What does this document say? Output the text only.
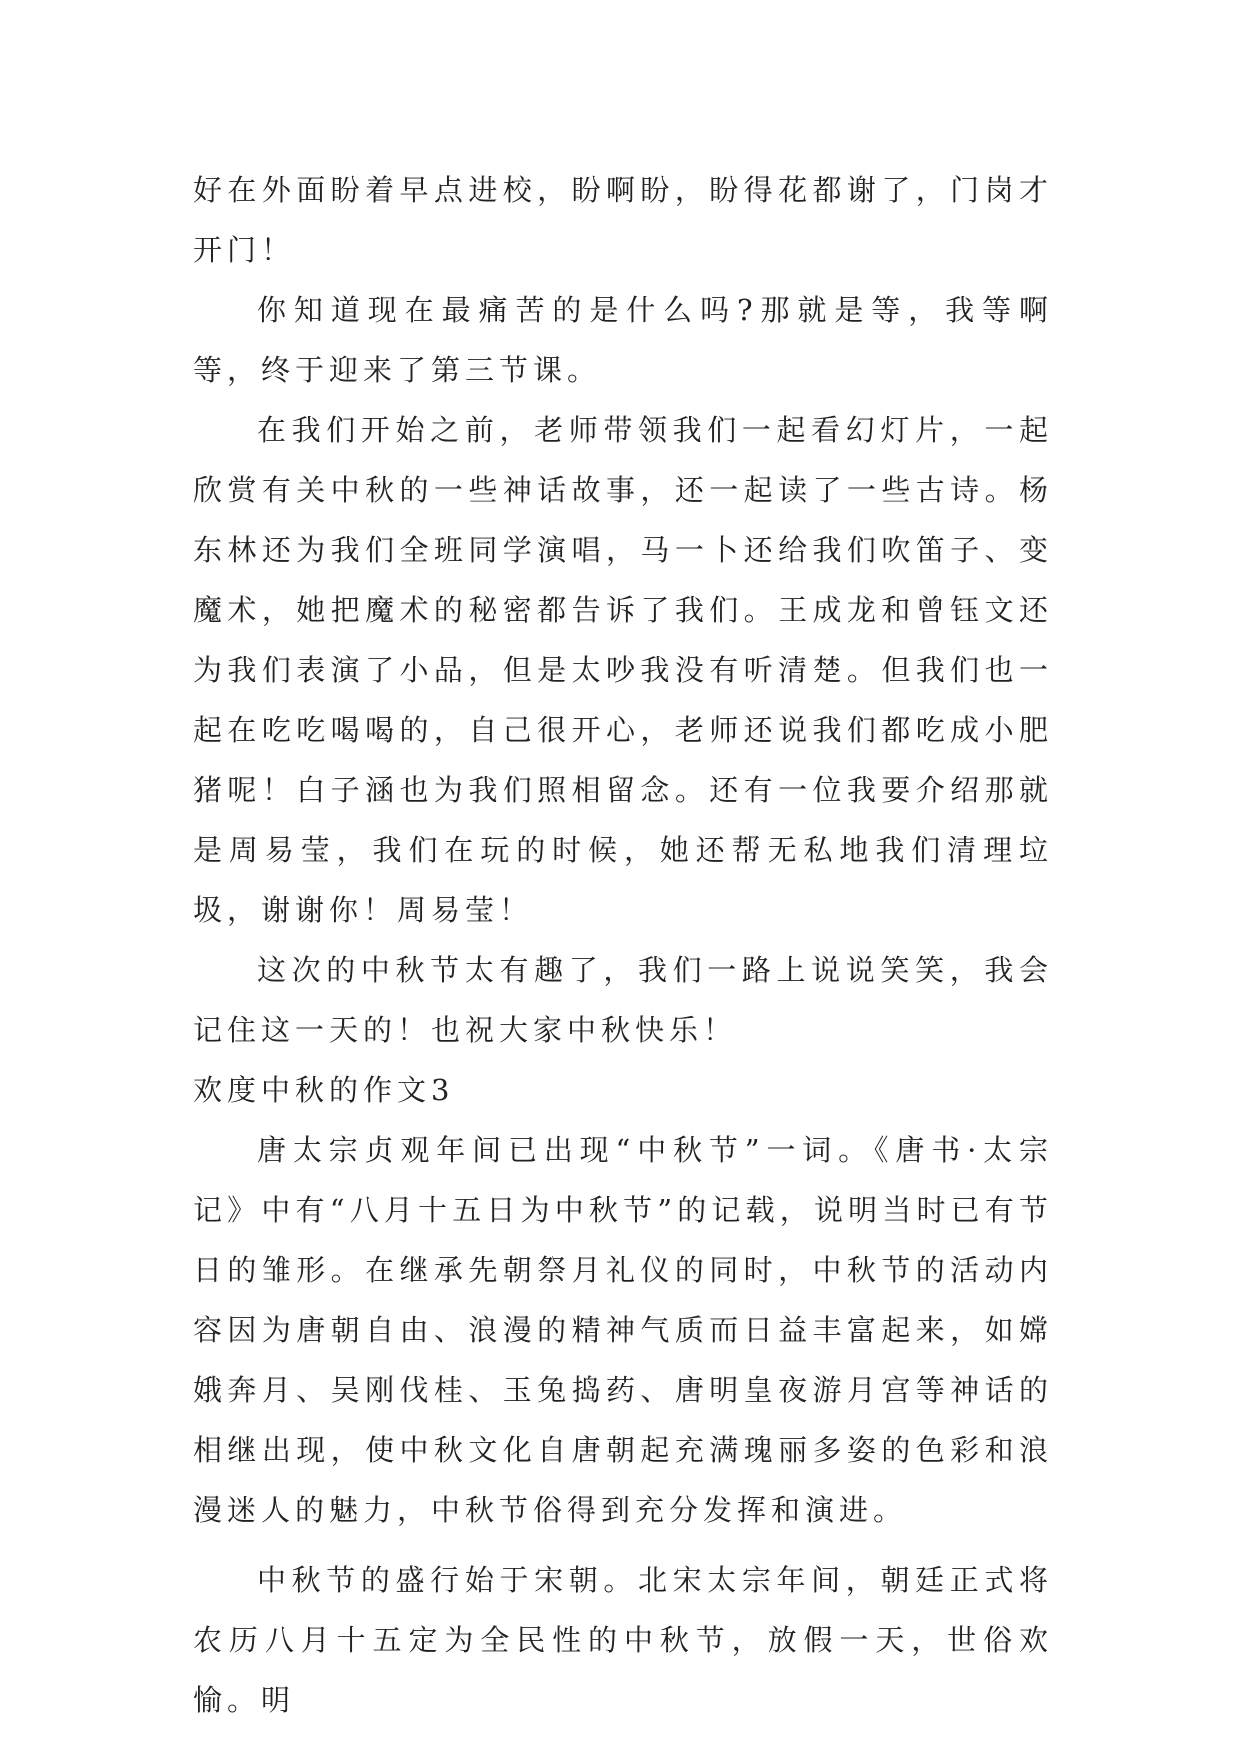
好在外面盼着早点进校，盼啊盼，盼得花都谢了，门岗才开门！

你知道现在最痛苦的是什么吗?那就是等，我等啊等，终于迎来了第三节课。

在我们开始之前，老师带领我们一起看幻灯片，一起欣赏有关中秋的一些神话故事，还一起读了一些古诗。杨东林还为我们全班同学演唱，马一卜还给我们吹笛子、变魔术，她把魔术的秘密都告诉了我们。王成龙和曾钰文还为我们表演了小品，但是太吵我没有听清楚。但我们也一起在吃吃喝喝的，自己很开心，老师还说我们都吃成小肥猪呢！白子涵也为我们照相留念。还有一位我要介绍那就是周易莹，我们在玩的时候，她还帮无私地我们清理垃圾，谢谢你！周易莹！

这次的中秋节太有趣了，我们一路上说说笑笑，我会记住这一天的！也祝大家中秋快乐！

欢度中秋的作文3

唐太宗贞观年间已出现“中秋节”一词。《唐书·太宗记》中有“八月十五日为中秋节”的记载，说明当时已有节日的雏形。在继承先朝祭月礼仪的同时，中秋节的活动内容因为唐朝自由、浪漫的精神气质而日益丰富起来，如嫦娥奔月、吴刚伐桂、玉兔捣药、唐明皇夜游月宫等神话的相继出现，使中秋文化自唐朝起充满瑰丽多姿的色彩和浪漫迷人的魅力，中秋节俗得到充分发挥和演进。

中秋节的盛行始于宋朝。北宋太宗年间，朝廷正式将农历八月十五定为全民性的中秋节，放假一天，世俗欢愉。明
